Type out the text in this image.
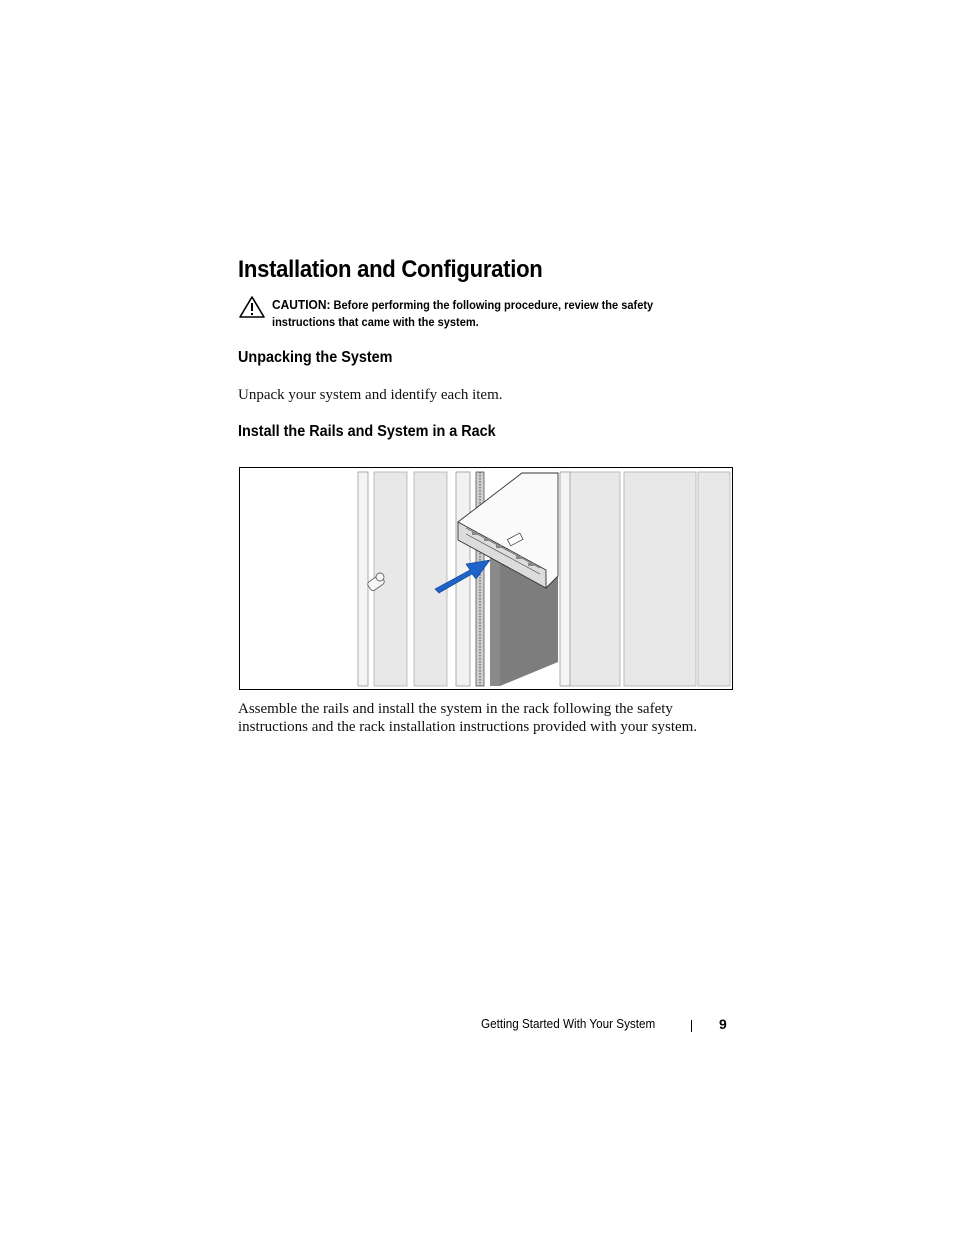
Installation and Configuration
CAUTION: Before performing the following procedure, review the safety instructions that came with the system.
Unpacking the System

Unpack your system and identify each item.

Install the Rails and System in a Rack

Assemble the rails and install the system in the rack following the safety

instructions and the rack installation instructions provided with your system.

Getting Started With Your System	9
